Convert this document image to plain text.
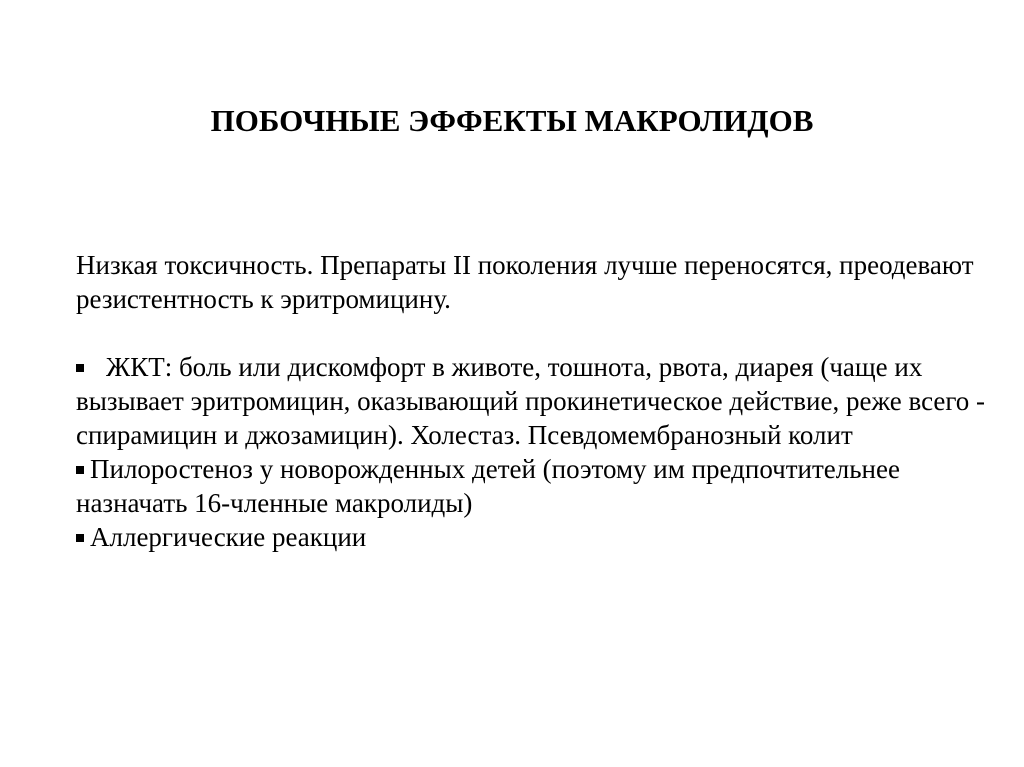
ПОБОЧНЫЕ ЭФФЕКТЫ МАКРОЛИДОВ

Низкая токсичность. Препараты II поколения лучше переносятся, преодевают резистентность к эритромицину.

ЖКТ: боль или дискомфорт в животе, тошнота, рвота, диарея (чаще их вызывает эритромицин, оказывающий прокинетическое действие, реже всего - спирамицин и джозамицин). Холестаз. Псевдомембранозный колит

Пилоростеноз у новорожденных детей (поэтому им предпочтительнее назначать 16-членные макролиды)

Аллергические реакции
